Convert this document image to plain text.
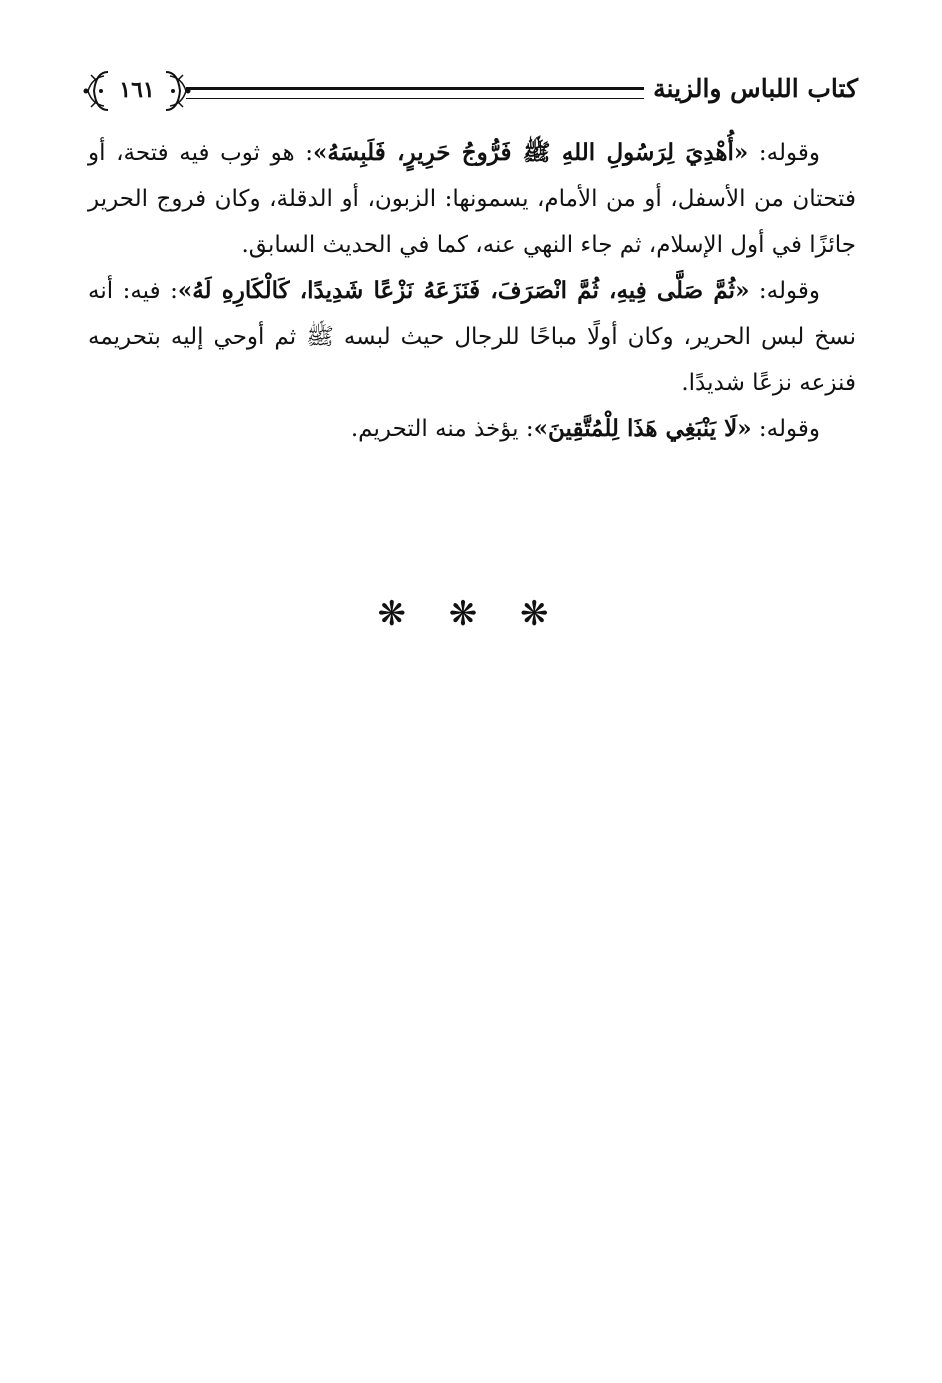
١٦١	كتاب اللباس والزينة

وقوله: «أُهْدِيَ لِرَسُولِ اللهِ ﷺ فَرُّوجُ حَرِيرٍ، فَلَبِسَهُ»: هو ثوب فيه فتحة، أو فتحتان من الأسفل، أو من الأمام، يسمونها: الزبون، أو الدقلة، وكان فروج الحرير جائزًا في أول الإسلام، ثم جاء النهي عنه، كما في الحديث السابق.

وقوله: «ثُمَّ صَلَّى فِيهِ، ثُمَّ انْصَرَفَ، فَنَزَعَهُ نَزْعًا شَدِيدًا، كَالْكَارِهِ لَهُ»: فيه: أنه نسخ لبس الحرير، وكان أولًا مباحًا للرجال حيث لبسه ﷺ ثم أوحي إليه بتحريمه فنزعه نزعًا شديدًا.

وقوله: «لَا يَنْبَغِي هَذَا لِلْمُتَّقِينَ»: يؤخذ منه التحريم.

❋ ❋ ❋
